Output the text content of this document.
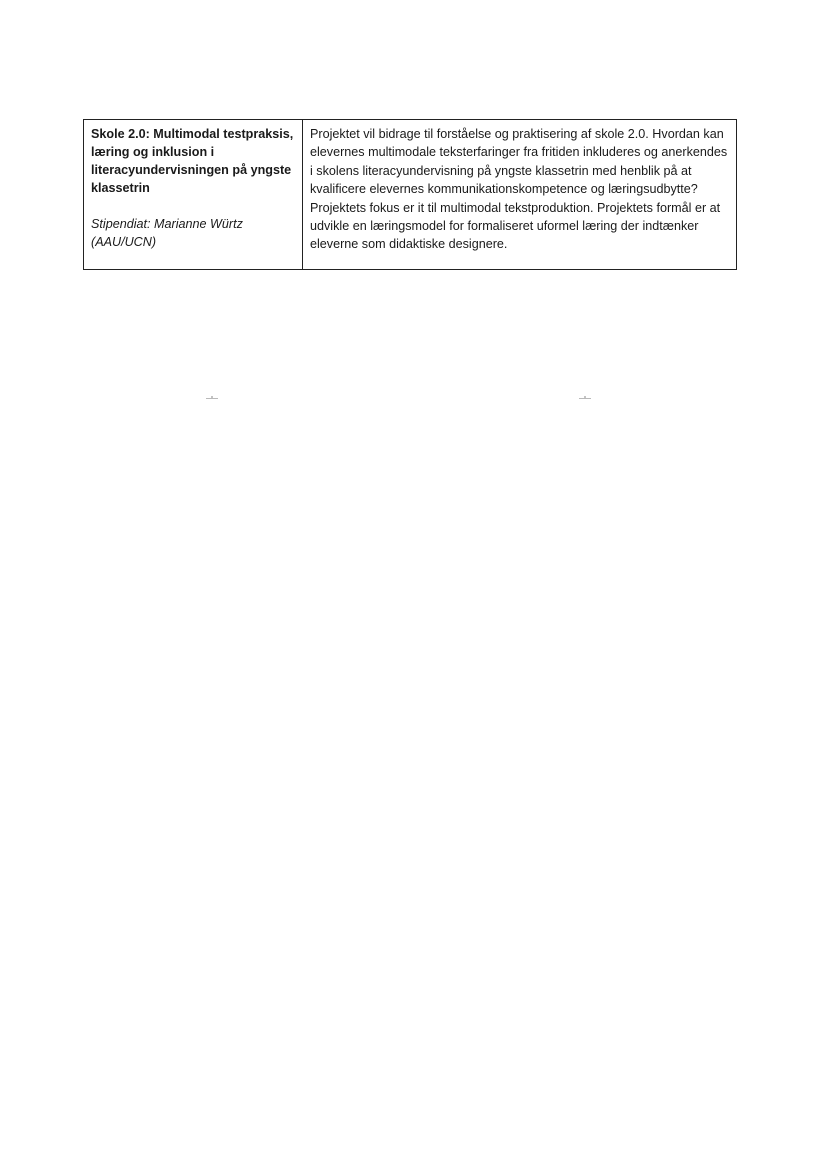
Skole 2.0: Multimodal testpraksis, læring og inklusion i literacyundervisningen på yngste klassetrin

Stipendiat: Marianne Würtz (AAU/UCN)

Projektet vil bidrage til forståelse og praktisering af skole 2.0. Hvordan kan elevernes multimodale teksterfaringer fra fritiden inkluderes og anerkendes i skolens literacyundervisning på yngste klassetrin med henblik på at kvalificere elevernes kommunikationskompetence og læringsudbytte? Projektets fokus er it til multimodal tekstproduktion. Projektets formål er at udvikle en læringsmodel for formaliseret uformel læring der indtænker eleverne som didaktiske designere.
